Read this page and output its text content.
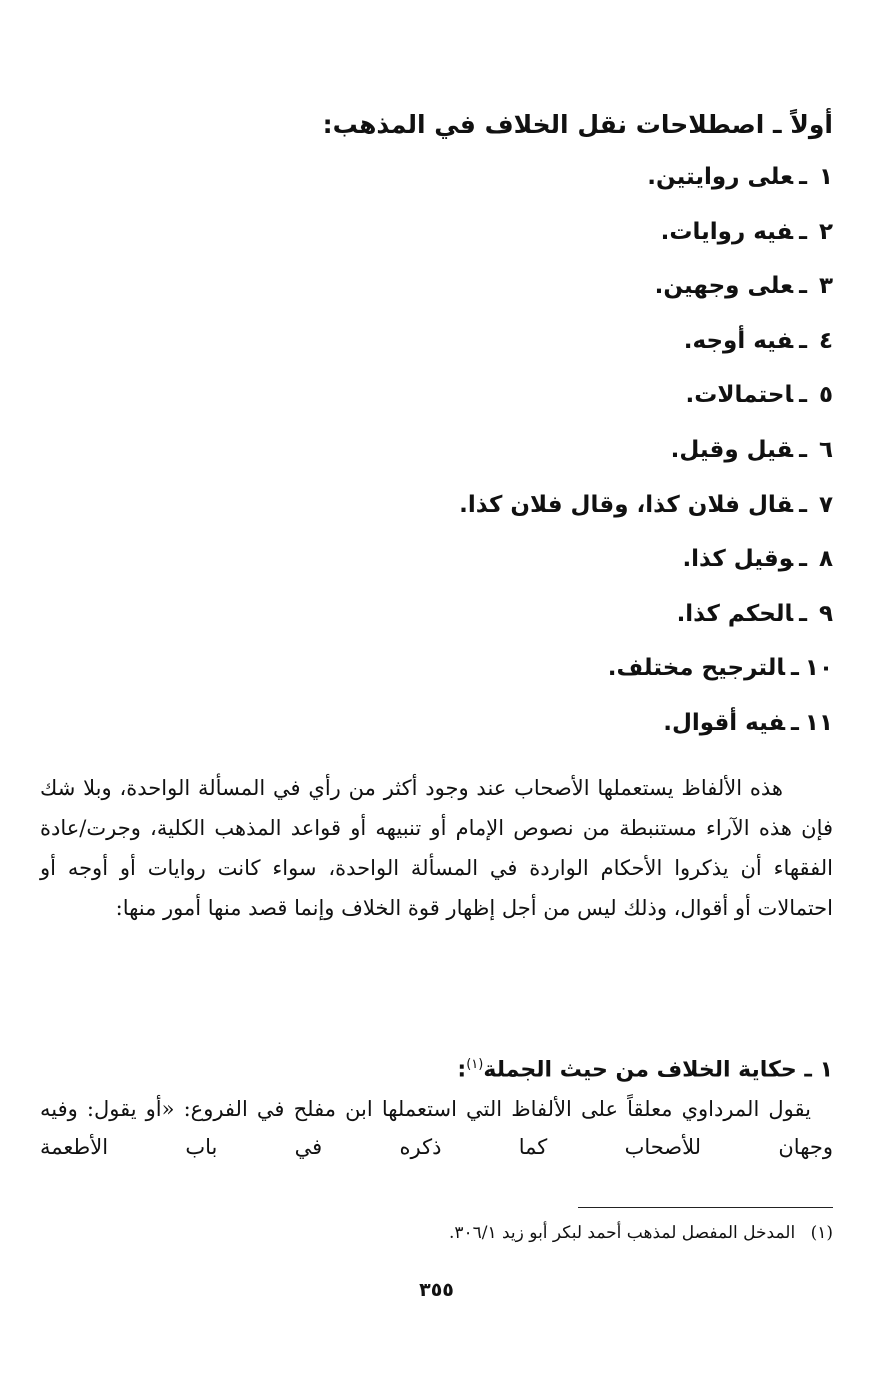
أولاً ـ اصطلاحات نقل الخلاف في المذهب:
١ـعلى روايتين.
٢ـفيه روايات.
٣ـعلى وجهين.
٤ـفيه أوجه.
٥ـاحتمالات.
٦ـقيل وقيل.
٧ـقال فلان كذا، وقال فلان كذا.
٨ـوقيل كذا.
٩ـالحكم كذا.
١٠ـالترجيح مختلف.
١١ـفيه أقوال.
هذه الألفاظ يستعملها الأصحاب عند وجود أكثر من رأي في المسألة الواحدة، وبلا شك فإن هذه الآراء مستنبطة من نصوص الإمام أو تنبيهه أو قواعد المذهب الكلية، وجرت/عادة الفقهاء أن يذكروا الأحكام الواردة في المسألة الواحدة، سواء كانت روايات أو أوجه أو احتمالات أو أقوال، وذلك ليس من أجل إظهار قوة الخلاف وإنما قصد منها أمور منها:
١ ـ حكاية الخلاف من حيث الجملة$^{(١)}$:
يقول المرداوي معلقاً على الألفاظ التي استعملها ابن مفلح في الفروع: «أو يقول: وفيه وجهان للأصحاب كما ذكره في باب الأطعمة
(١) المدخل المفصل لمذهب أحمد لبكر أبو زيد ٣٠٦/١.
٣٥٥
